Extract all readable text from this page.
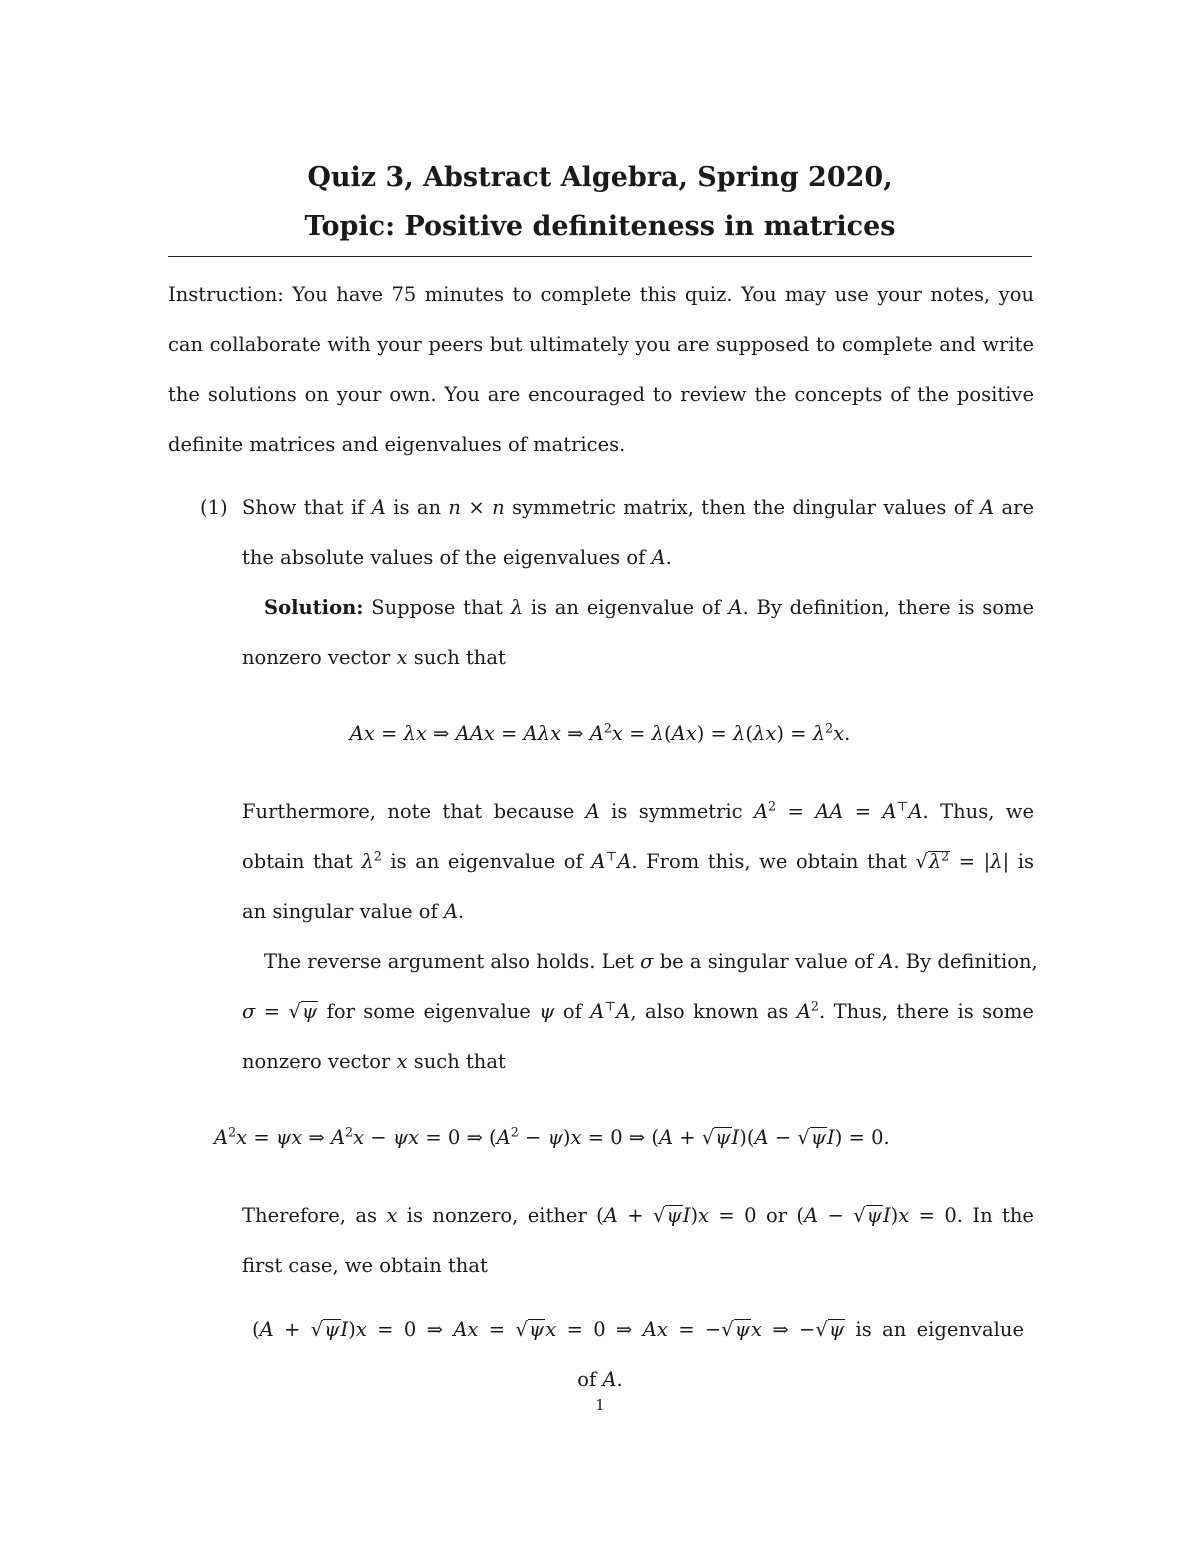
Quiz 3, Abstract Algebra, Spring 2020,
Topic: Positive definiteness in matrices
Instruction: You have 75 minutes to complete this quiz. You may use your notes, you
can collaborate with your peers but ultimately you are supposed to complete and write
the solutions on your own. You are encouraged to review the concepts of the positive
definite matrices and eigenvalues of matrices.
(1) Show that if A is an n × n symmetric matrix, then the dingular values of A are
the absolute values of the eigenvalues of A.
Solution: Suppose that λ is an eigenvalue of A. By definition, there is some
nonzero vector x such that
Ax = λx ⇒ AAx = Aλx ⇒ $A^2x = \lambda(Ax) = \lambda(\lambda x) = \lambda^2x$.
Furthermore, note that because A is symmetric $A^2$ = AA = A⊤A. Thus, we
obtain that $\lambda^2$ is an eigenvalue of A⊤A. From this, we obtain that $√\lambda^2 = |\lambda|$ is
an singular value of A.
The reverse argument also holds. Let σ be a singular value of A. By definition,
σ = √ψ for some eigenvalue ψ of A⊤A, also known as $A^2$. Thus, there is some
nonzero vector x such that
$A^2x = \psi x$ ⇒ $A^2x - \psi x = 0$ ⇒ $(A^2 - \psi)x = 0$ ⇒ (A + √ψI)(A − √ψI) = 0.
Therefore, as x is nonzero, either (A + √ψI)x = 0 or (A − √ψI)x = 0. In the
first case, we obtain that
(A + √ψI)x = 0 ⇒ Ax = √ψx = 0 ⇒ Ax = −√ψx ⇒ −√ψ is an eigenvalue
of A.
1
